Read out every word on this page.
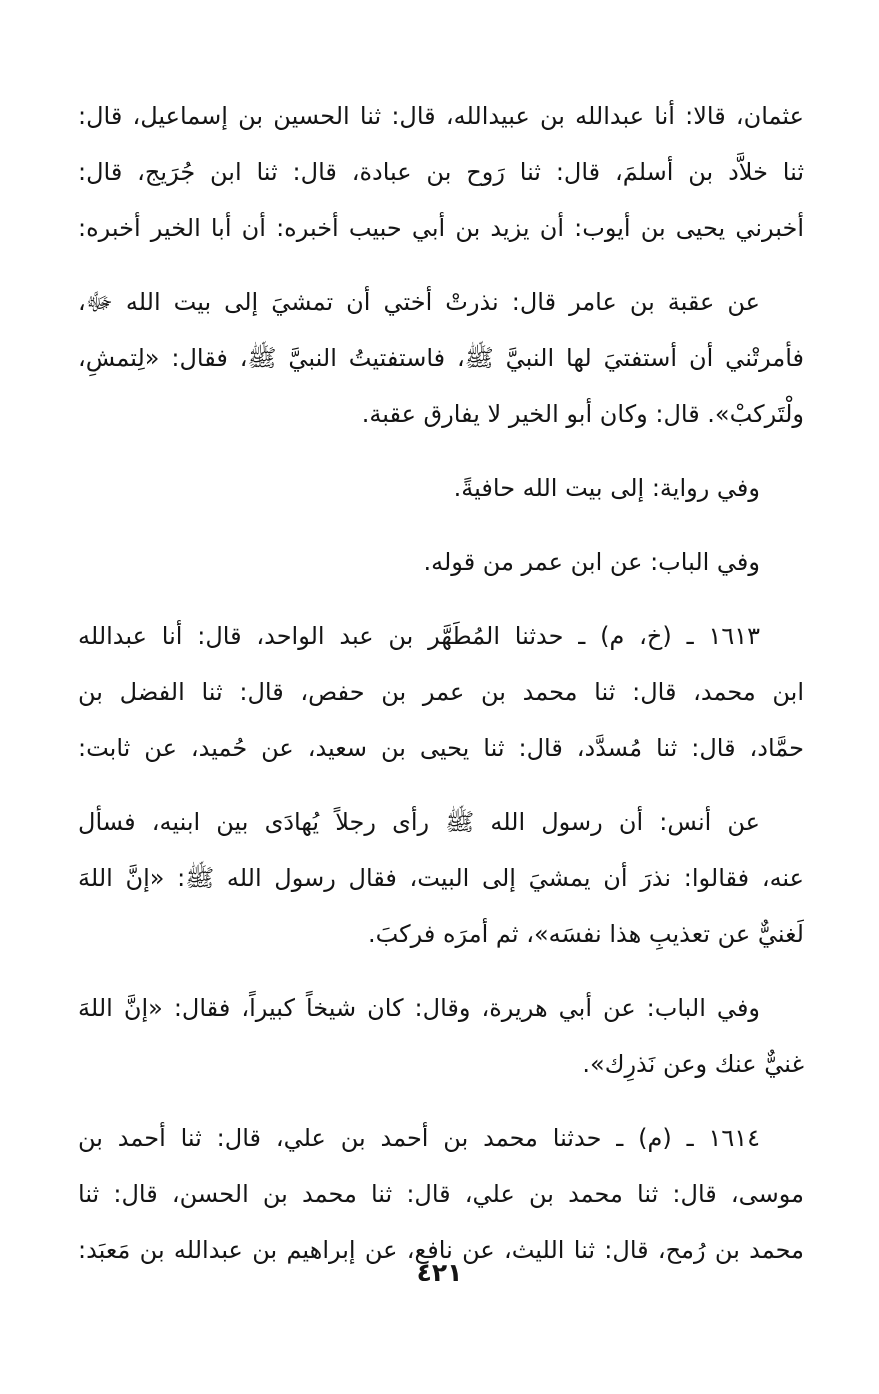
عثمان، قالا: أنا عبدالله بن عبيدالله، قال: ثنا الحسين بن إسماعيل، قال:
ثنا خلاَّد بن أسلمَ، قال: ثنا رَوح بن عبادة، قال: ثنا ابن جُرَيج، قال:
أخبرني يحيى بن أيوب: أن يزيد بن أبي حبيب أخبره: أن أبا الخير أخبره:
عن عقبة بن عامر قال: نذرتْ أختي أن تمشيَ إلى بيت الله ﷻ،
فأمرتْني أن أستفتيَ لها النبيَّ ﷺ، فاستفتيتُ النبيَّ ﷺ، فقال: «لِتمشِ،
ولْتَركبْ». قال: وكان أبو الخير لا يفارق عقبة.
وفي رواية: إلى بيت الله حافيةً.
وفي الباب: عن ابن عمر من قوله.
١٦١٣ ـ (خ، م) ـ حدثنا المُطَهَّر بن عبد الواحد، قال: أنا عبدالله
ابن محمد، قال: ثنا محمد بن عمر بن حفص، قال: ثنا الفضل بن
حمَّاد، قال: ثنا مُسدَّد، قال: ثنا يحيى بن سعيد، عن حُميد، عن ثابت:
عن أنس: أن رسول الله ﷺ رأى رجلاً يُهادَى بين ابنيه، فسأل
عنه، فقالوا: نذرَ أن يمشيَ إلى البيت، فقال رسول الله ﷺ: «إنَّ اللهَ
لَغنيٌّ عن تعذيبِ هذا نفسَه»، ثم أمرَه فركبَ.
وفي الباب: عن أبي هريرة، وقال: كان شيخاً كبيراً، فقال: «إنَّ اللهَ
غنيٌّ عنك وعن نَذرِك».
١٦١٤ ـ (م) ـ حدثنا محمد بن أحمد بن علي، قال: ثنا أحمد بن
موسى، قال: ثنا محمد بن علي، قال: ثنا محمد بن الحسن، قال: ثنا
محمد بن رُمح، قال: ثنا الليث، عن نافع، عن إبراهيم بن عبدالله بن مَعبَد:
٤٢١
